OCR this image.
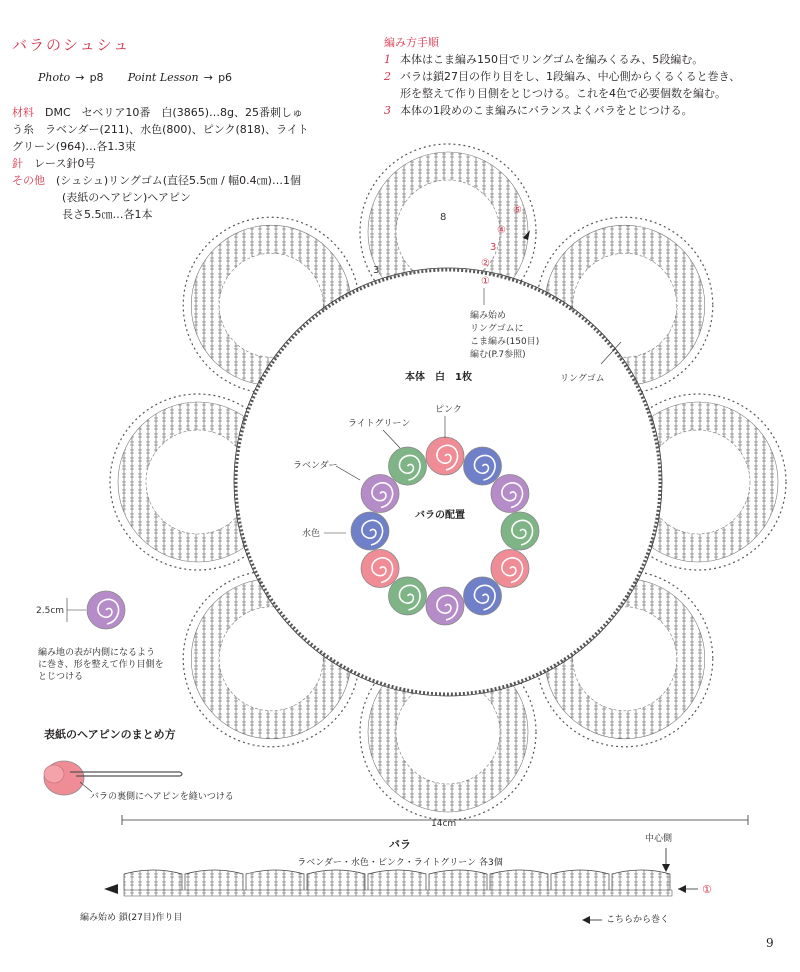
バラのシュシュ
Photo → p8 Point Lesson → p6
材料　 DMC　セベリア10番　白(3865)…8g、25番刺しゅ
う糸　ラベンダー(211)、水色(800)、ピンク(818)、ライト
グリーン(964)…各1.3束
針　 レース針0号
その他　 (シュシュ)リングゴム(直径5.5㎝ / 幅0.4㎝)…1個
(表紙のヘアピン)ヘアピン
長さ5.5㎝…各1本
編み方手順
1 本体はこま編み150目でリングゴムを編みくるみ、5段編む。
2 バラは鎖27目の作り目をし、1段編み、中心側からくるくると巻き、
形を整えて作り目側をとじつける。これを4色で必要個数を編む。
3 本体の1段めのこま編みにバランスよくバラをとじつける。
②
①
3
④
⑤
8
3
編み始め
リングゴムに
こま編み(150目)
編む(P.7参照)
リングゴム
本体　白　1枚
バラの配置
ライトグリーン
ピンク
ラベンダー
水色
2.5cm
14cm
①
編み地の表が内側になるよう
に巻き、形を整えて作り目側を
とじつける
表紙のヘアピンのまとめ方
バラの裏側にヘアピンを縫いつける
バラ
ラベンダー・水色・ピンク・ライトグリーン 各3個
中心側
編み始め 鎖(27目)作り目	こちらから巻く
9
